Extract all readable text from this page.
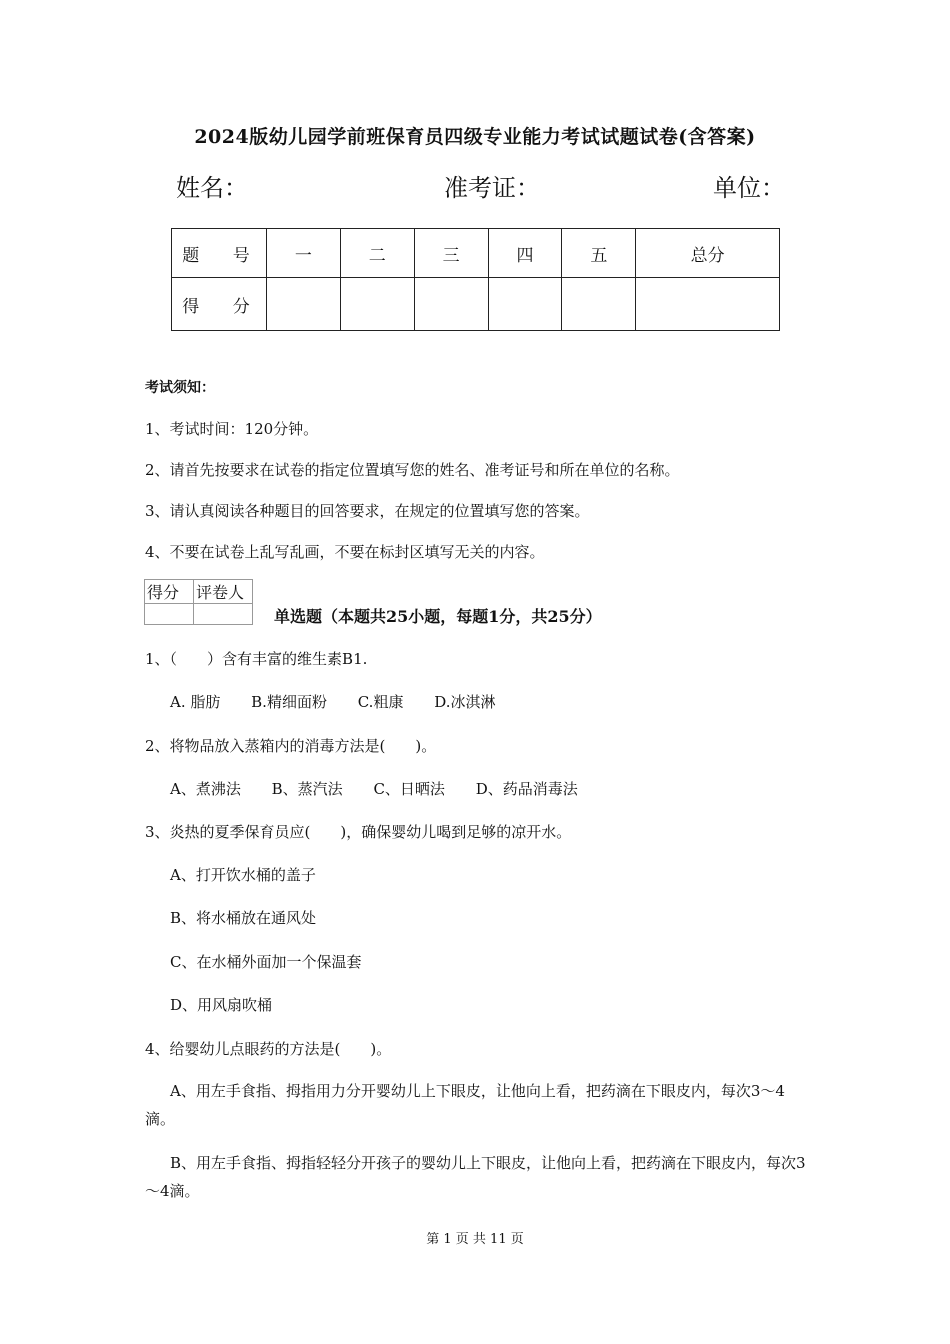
2024版幼儿园学前班保育员四级专业能力考试试题试卷(含答案)
姓名：	准考证：	单位：
题 号	一	二	三	四	五	总分
得 分						
考试须知：
1、考试时间：120分钟。
2、请首先按要求在试卷的指定位置填写您的姓名、准考证号和所在单位的名称。
3、请认真阅读各种题目的回答要求，在规定的位置填写您的答案。
4、不要在试卷上乱写乱画，不要在标封区填写无关的内容。
得分	评卷人

单选题（本题共25小题，每题1分，共25分）
1、（　　）含有丰富的维生素B1.
A. 脂肪 B.精细面粉 C.粗康 D.冰淇淋
2、将物品放入蒸箱内的消毒方法是(　　)。
A、煮沸法 B、蒸汽法 C、日晒法 D、药品消毒法
3、炎热的夏季保育员应(　　)，确保婴幼儿喝到足够的凉开水。
A、打开饮水桶的盖子
B、将水桶放在通风处
C、在水桶外面加一个保温套
D、用风扇吹桶
4、给婴幼儿点眼药的方法是(　　)。
A、用左手食指、拇指用力分开婴幼儿上下眼皮，让他向上看，把药滴在下眼皮内，每次3～4滴。
B、用左手食指、拇指轻轻分开孩子的婴幼儿上下眼皮，让他向上看，把药滴在下眼皮内，每次3～4滴。
第 1 页 共 11 页
